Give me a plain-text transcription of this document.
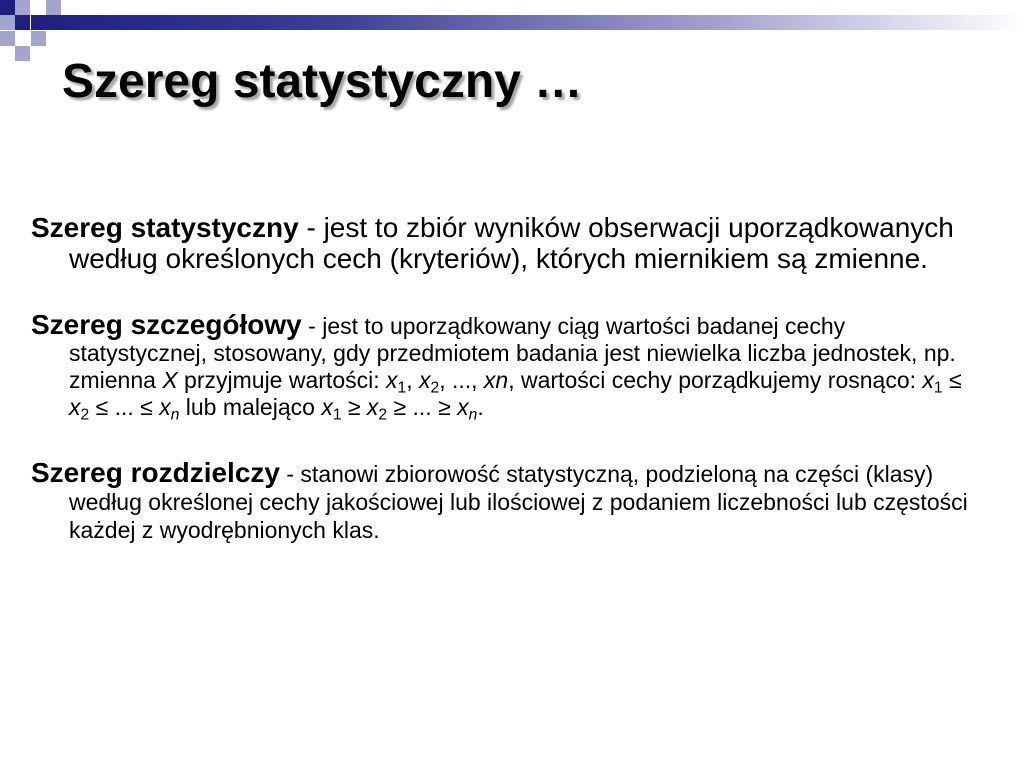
Szereg statystyczny …

Szereg statystyczny - jest to zbiór wyników obserwacji uporządkowanych według określonych cech (kryteriów), których miernikiem są zmienne.

Szereg szczegółowy - jest to uporządkowany ciąg wartości badanej cechy statystycznej, stosowany, gdy przedmiotem badania jest niewielka liczba jednostek, np. zmienna X przyjmuje wartości: $x_1$, $x_2$, ..., xn, wartości cechy porządkujemy rosnąco: $x_1 \le x_2$ ≤ ... ≤ $x_n$ lub malejąco $x_1 \ge x_2$ ≥ ... ≥ $x_n$.

Szereg rozdzielczy - stanowi zbiorowość statystyczną, podzieloną na części (klasy) według określonej cechy jakościowej lub ilościowej z podaniem liczebności lub częstości każdej z wyodrębnionych klas.
